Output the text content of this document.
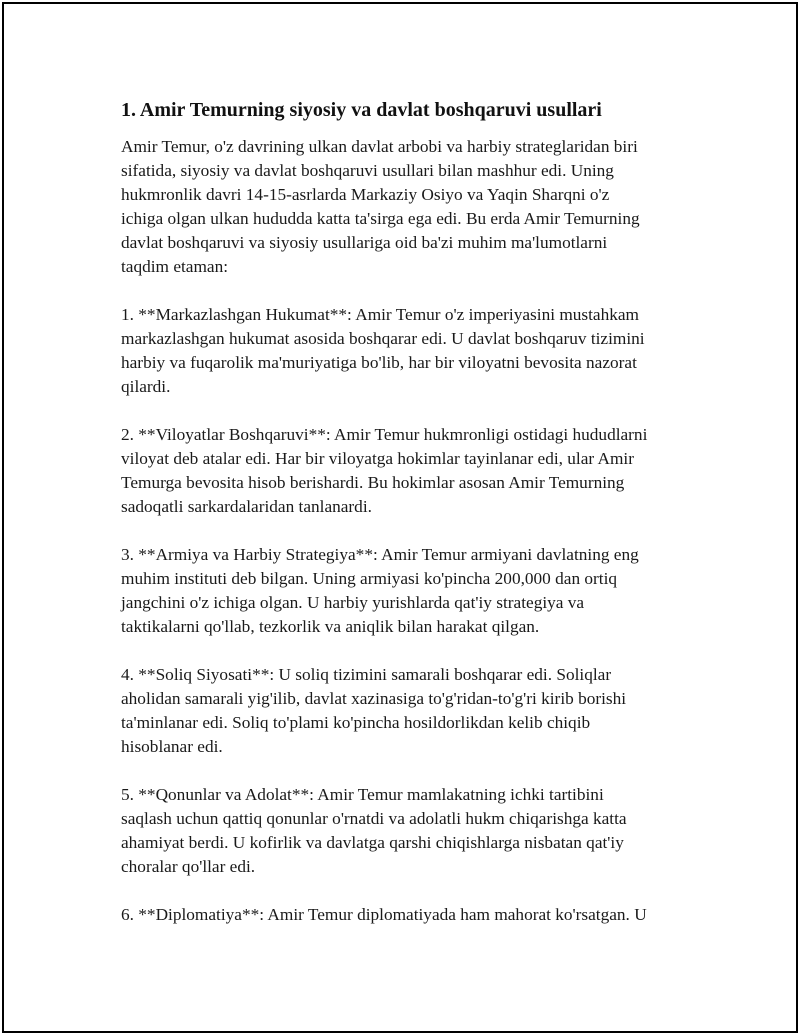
1. Amir Temurning siyosiy va davlat boshqaruvi usullari

Amir Temur, o'z davrining ulkan davlat arbobi va harbiy strateglaridan biri
sifatida, siyosiy va davlat boshqaruvi usullari bilan mashhur edi. Uning
hukmronlik davri 14-15-asrlarda Markaziy Osiyo va Yaqin Sharqni o'z
ichiga olgan ulkan hududda katta ta'sirga ega edi. Bu erda Amir Temurning
davlat boshqaruvi va siyosiy usullariga oid ba'zi muhim ma'lumotlarni
taqdim etaman:

1. **Markazlashgan Hukumat**: Amir Temur o'z imperiyasini mustahkam
markazlashgan hukumat asosida boshqarar edi. U davlat boshqaruv tizimini
harbiy va fuqarolik ma'muriyatiga bo'lib, har bir viloyatni bevosita nazorat
qilardi.

2. **Viloyatlar Boshqaruvi**: Amir Temur hukmronligi ostidagi hududlarni
viloyat deb atalar edi. Har bir viloyatga hokimlar tayinlanar edi, ular Amir
Temurga bevosita hisob berishardi. Bu hokimlar asosan Amir Temurning
sadoqatli sarkardalaridan tanlanardi.

3. **Armiya va Harbiy Strategiya**: Amir Temur armiyani davlatning eng
muhim instituti deb bilgan. Uning armiyasi ko'pincha 200,000 dan ortiq
jangchini o'z ichiga olgan. U harbiy yurishlarda qat'iy strategiya va
taktikalarni qo'llab, tezkorlik va aniqlik bilan harakat qilgan.

4. **Soliq Siyosati**: U soliq tizimini samarali boshqarar edi. Soliqlar
aholidan samarali yig'ilib, davlat xazinasiga to'g'ridan-to'g'ri kirib borishi
ta'minlanar edi. Soliq to'plami ko'pincha hosildorlikdan kelib chiqib
hisoblanar edi.

5. **Qonunlar va Adolat**: Amir Temur mamlakatning ichki tartibini
saqlash uchun qattiq qonunlar o'rnatdi va adolatli hukm chiqarishga katta
ahamiyat berdi. U kofirlik va davlatga qarshi chiqishlarga nisbatan qat'iy
choralar qo'llar edi.

6. **Diplomatiya**: Amir Temur diplomatiyada ham mahorat ko'rsatgan. U
